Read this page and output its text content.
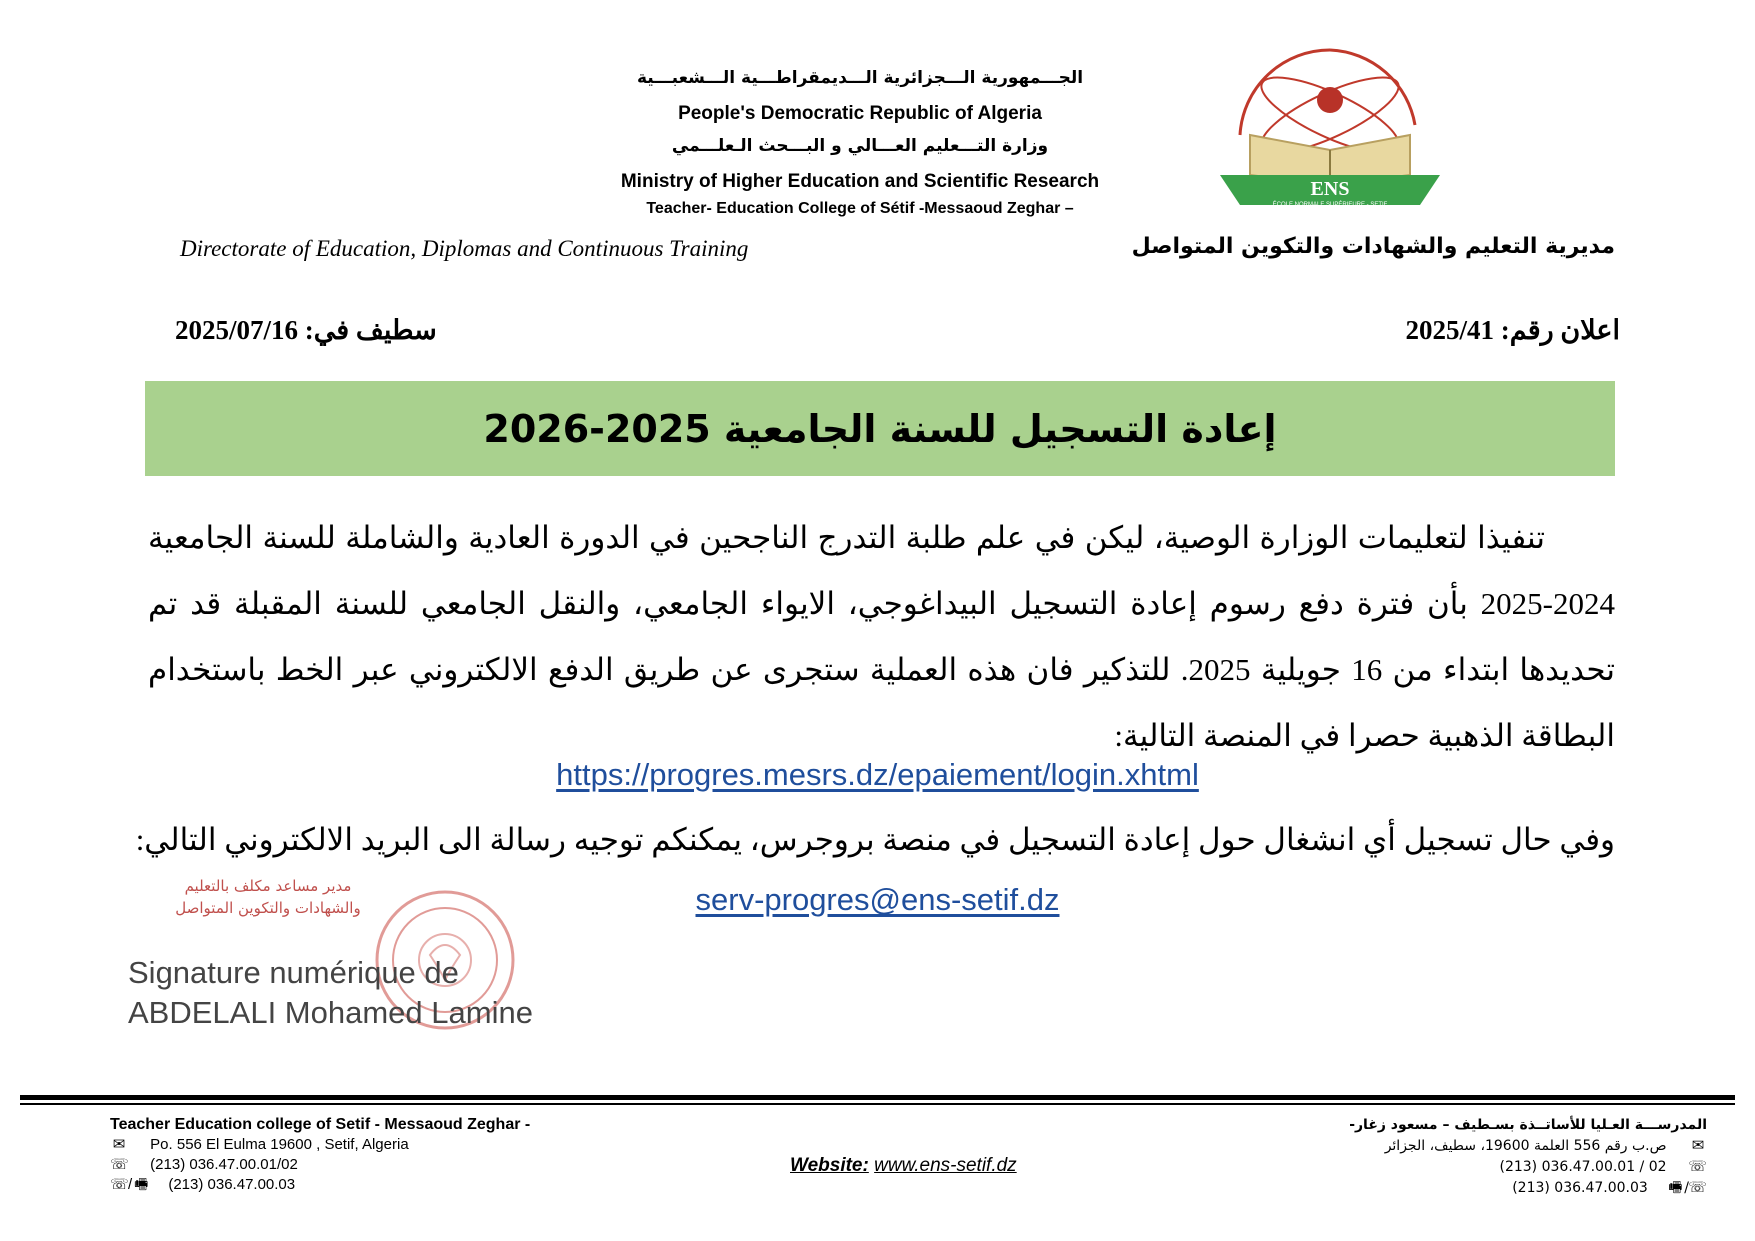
ENS
ÉCOLE NORMALE SUPÉRIEURE - SETIF
الجـــمهورية الـــجزائرية الـــديمقراطـــية الـــشعبـــية
People's Democratic Republic of Algeria
وزارة التـــعليم العـــالي و البـــحث الـعلـــمي
Ministry of Higher Education and Scientific Research
Teacher- Education College of Sétif -Messaoud Zeghar –
Directorate of Education, Diplomas and Continuous Training	مديرية التعليم والشهادات والتكوين المتواصل
اعلان رقم: 2025/41
سطيف في: 2025/07/16
إعادة التسجيل للسنة الجامعية 2025-2026
تنفيذا لتعليمات الوزارة الوصية، ليكن في علم طلبة التدرج الناجحين في الدورة العادية والشاملة للسنة الجامعية 2024-2025 بأن فترة دفع رسوم إعادة التسجيل البيداغوجي، الايواء الجامعي، والنقل الجامعي للسنة المقبلة قد تم تحديدها ابتداء من 16 جويلية 2025. للتذكير فان هذه العملية ستجرى عن طريق الدفع الالكتروني عبر الخط باستخدام البطاقة الذهبية حصرا في المنصة التالية:
https://progres.mesrs.dz/epaiement/login.xhtml
وفي حال تسجيل أي انشغال حول إعادة التسجيل في منصة بروجرس، يمكنكم توجيه رسالة الى البريد الالكتروني التالي:
serv-progres@ens-setif.dz
مدير مساعد مكلف بالتعليم
والشهادات والتكوين المتواصل
Signature numérique de
ABDELALI Mohamed Lamine
Teacher Education college of Setif - Messaoud Zeghar -
✉ Po. 556 El Eulma 19600 , Setif, Algeria
☏ (213) 036.47.00.01/02
☏/ 🖷 (213) 036.47.00.03
Website: www.ens-setif.dz
المدرســـة العـليا للأساتــذة بسـطيف – مسعود زغار-
✉ ص.ب رقم 556 العلمة 19600، سطيف، الجزائر
☏ (213) 036.47.00.01 / 02
☏/🖷 (213) 036.47.00.03
